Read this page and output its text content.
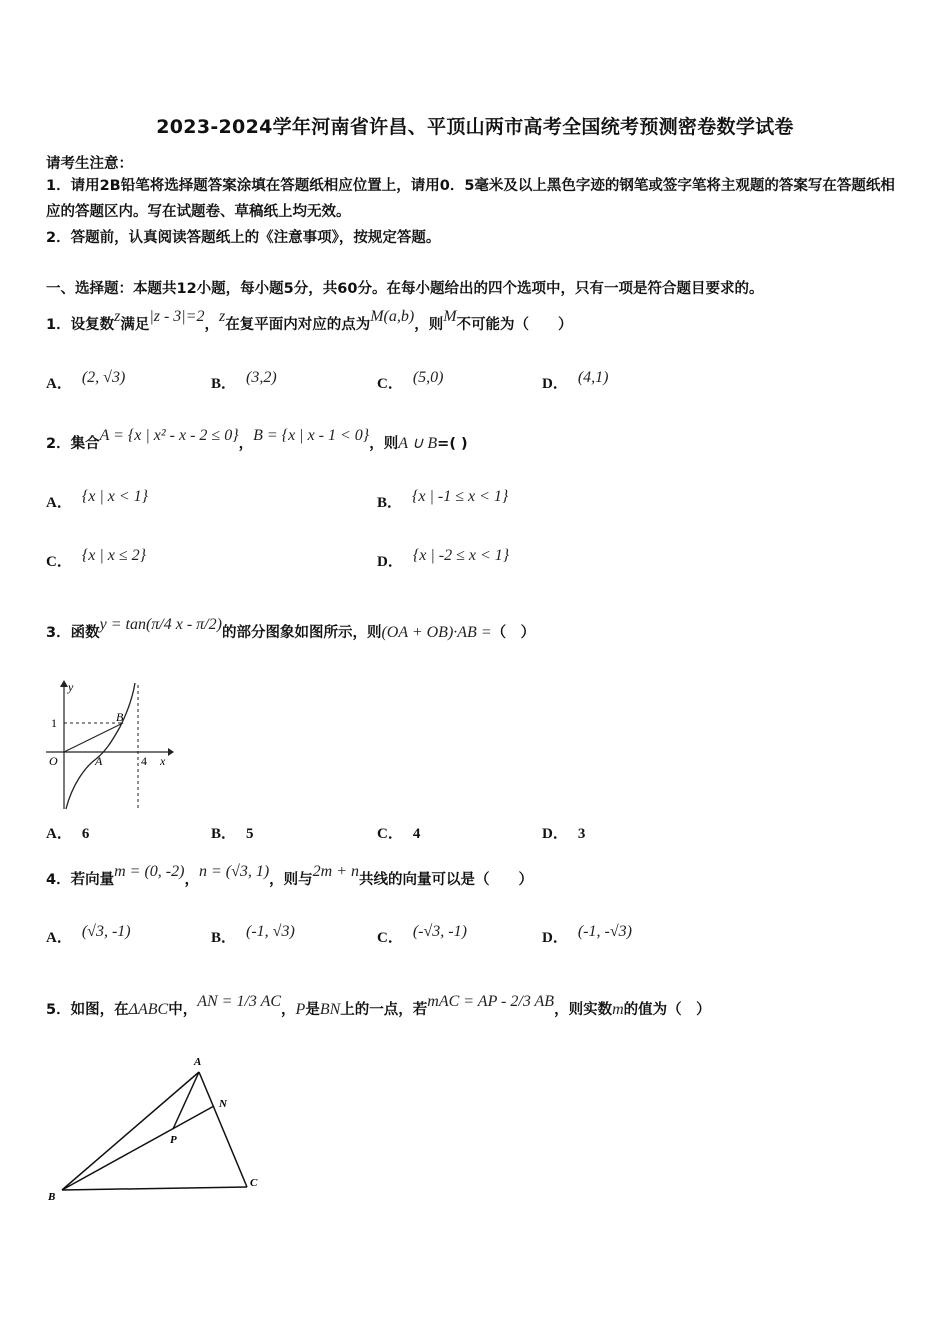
2023-2024学年河南省许昌、平顶山两市高考全国统考预测密卷数学试卷
请考生注意：
1．请用2B铅笔将选择题答案涂填在答题纸相应位置上，请用0．5毫米及以上黑色字迹的钢笔或签字笔将主观题的答案写在答题纸相应的答题区内。写在试题卷、草稿纸上均无效。
2．答题前，认真阅读答题纸上的《注意事项》，按规定答题。
一、选择题：本题共12小题，每小题5分，共60分。在每小题给出的四个选项中，只有一项是符合题目要求的。
1．设复数z满足|z - 3|=2，z在复平面内对应的点为M(a,b)，则M不可能为（　　）
A． (2, √3)	B． (3,2)	C． (5,0)	D． (4,1)
2．集合A = {x | x² - x - 2 ≤ 0}，B = {x | x - 1 < 0}，则A ∪ B=( )
A． {x | x < 1}	B． {x | -1 ≤ x < 1}
C． {x | x ≤ 2}	D． {x | -2 ≤ x < 1}
3．函数y = tan(π/4 x - π/2)的部分图象如图所示，则(OA + OB)·AB =（　）
y
x
O	A
B
1
4
A． 6	B． 5	C． 4	D． 3
4．若向量m = (0, -2)，n = (√3, 1)，则与2m + n共线的向量可以是（　　）
A． (√3, -1)	B． (-1, √3)	C． (-√3, -1)	D． (-1, -√3)
5．如图，在ΔABC中，AN = 1/3 AC，P是BN上的一点，若mAC = AP - 2/3 AB，则实数m的值为（　）
A
B
C
N
P
